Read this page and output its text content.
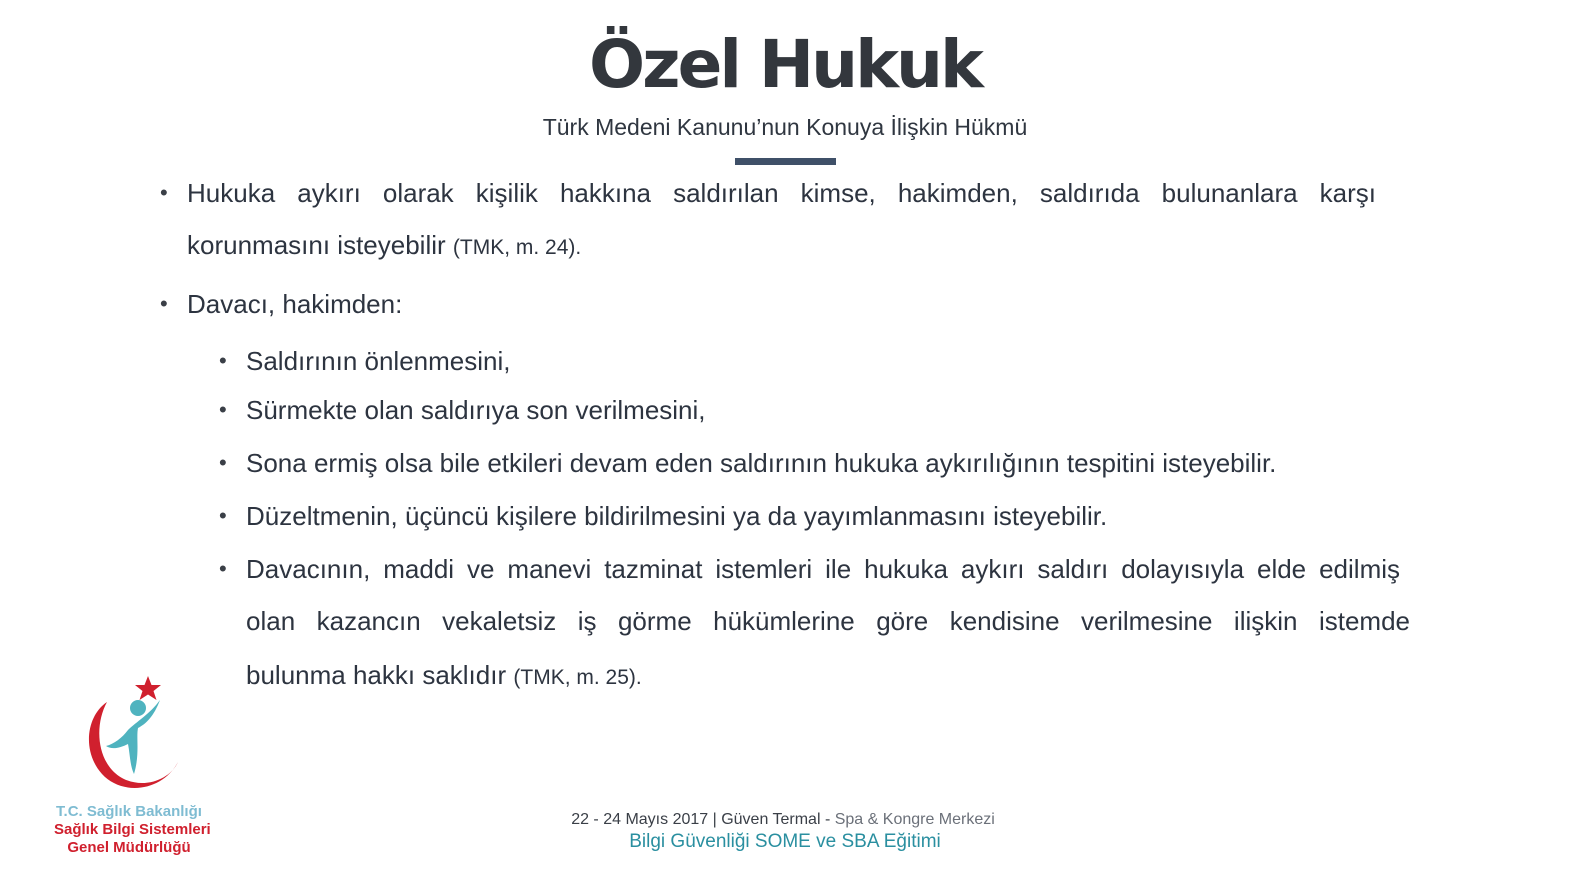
Özel Hukuk
Türk Medeni Kanunu’nun Konuya İlişkin Hükmü
• Hukuka aykırı olarak kişilik hakkına saldırılan kimse, hakimden, saldırıda bulunanlara karşı
korunmasını isteyebilir (TMK, m. 24).
• Davacı, hakimden:
• Saldırının önlenmesini,
• Sürmekte olan saldırıya son verilmesini,
• Sona ermiş olsa bile etkileri devam eden saldırının hukuka aykırılığının tespitini isteyebilir.
• Düzeltmenin, üçüncü kişilere bildirilmesini ya da yayımlanmasını isteyebilir.
• Davacının, maddi ve manevi tazminat istemleri ile hukuka aykırı saldırı dolayısıyla elde edilmiş
olan kazancın vekaletsiz iş görme hükümlerine göre kendisine verilmesine ilişkin istemde
bulunma hakkı saklıdır (TMK, m. 25).
T.C. Sağlık Bakanlığı
Sağlık Bilgi Sistemleri
Genel Müdürlüğü
22 - 24 Mayıs 2017 | Güven Termal - Spa & Kongre Merkezi
Bilgi Güvenliği SOME ve SBA Eğitimi
